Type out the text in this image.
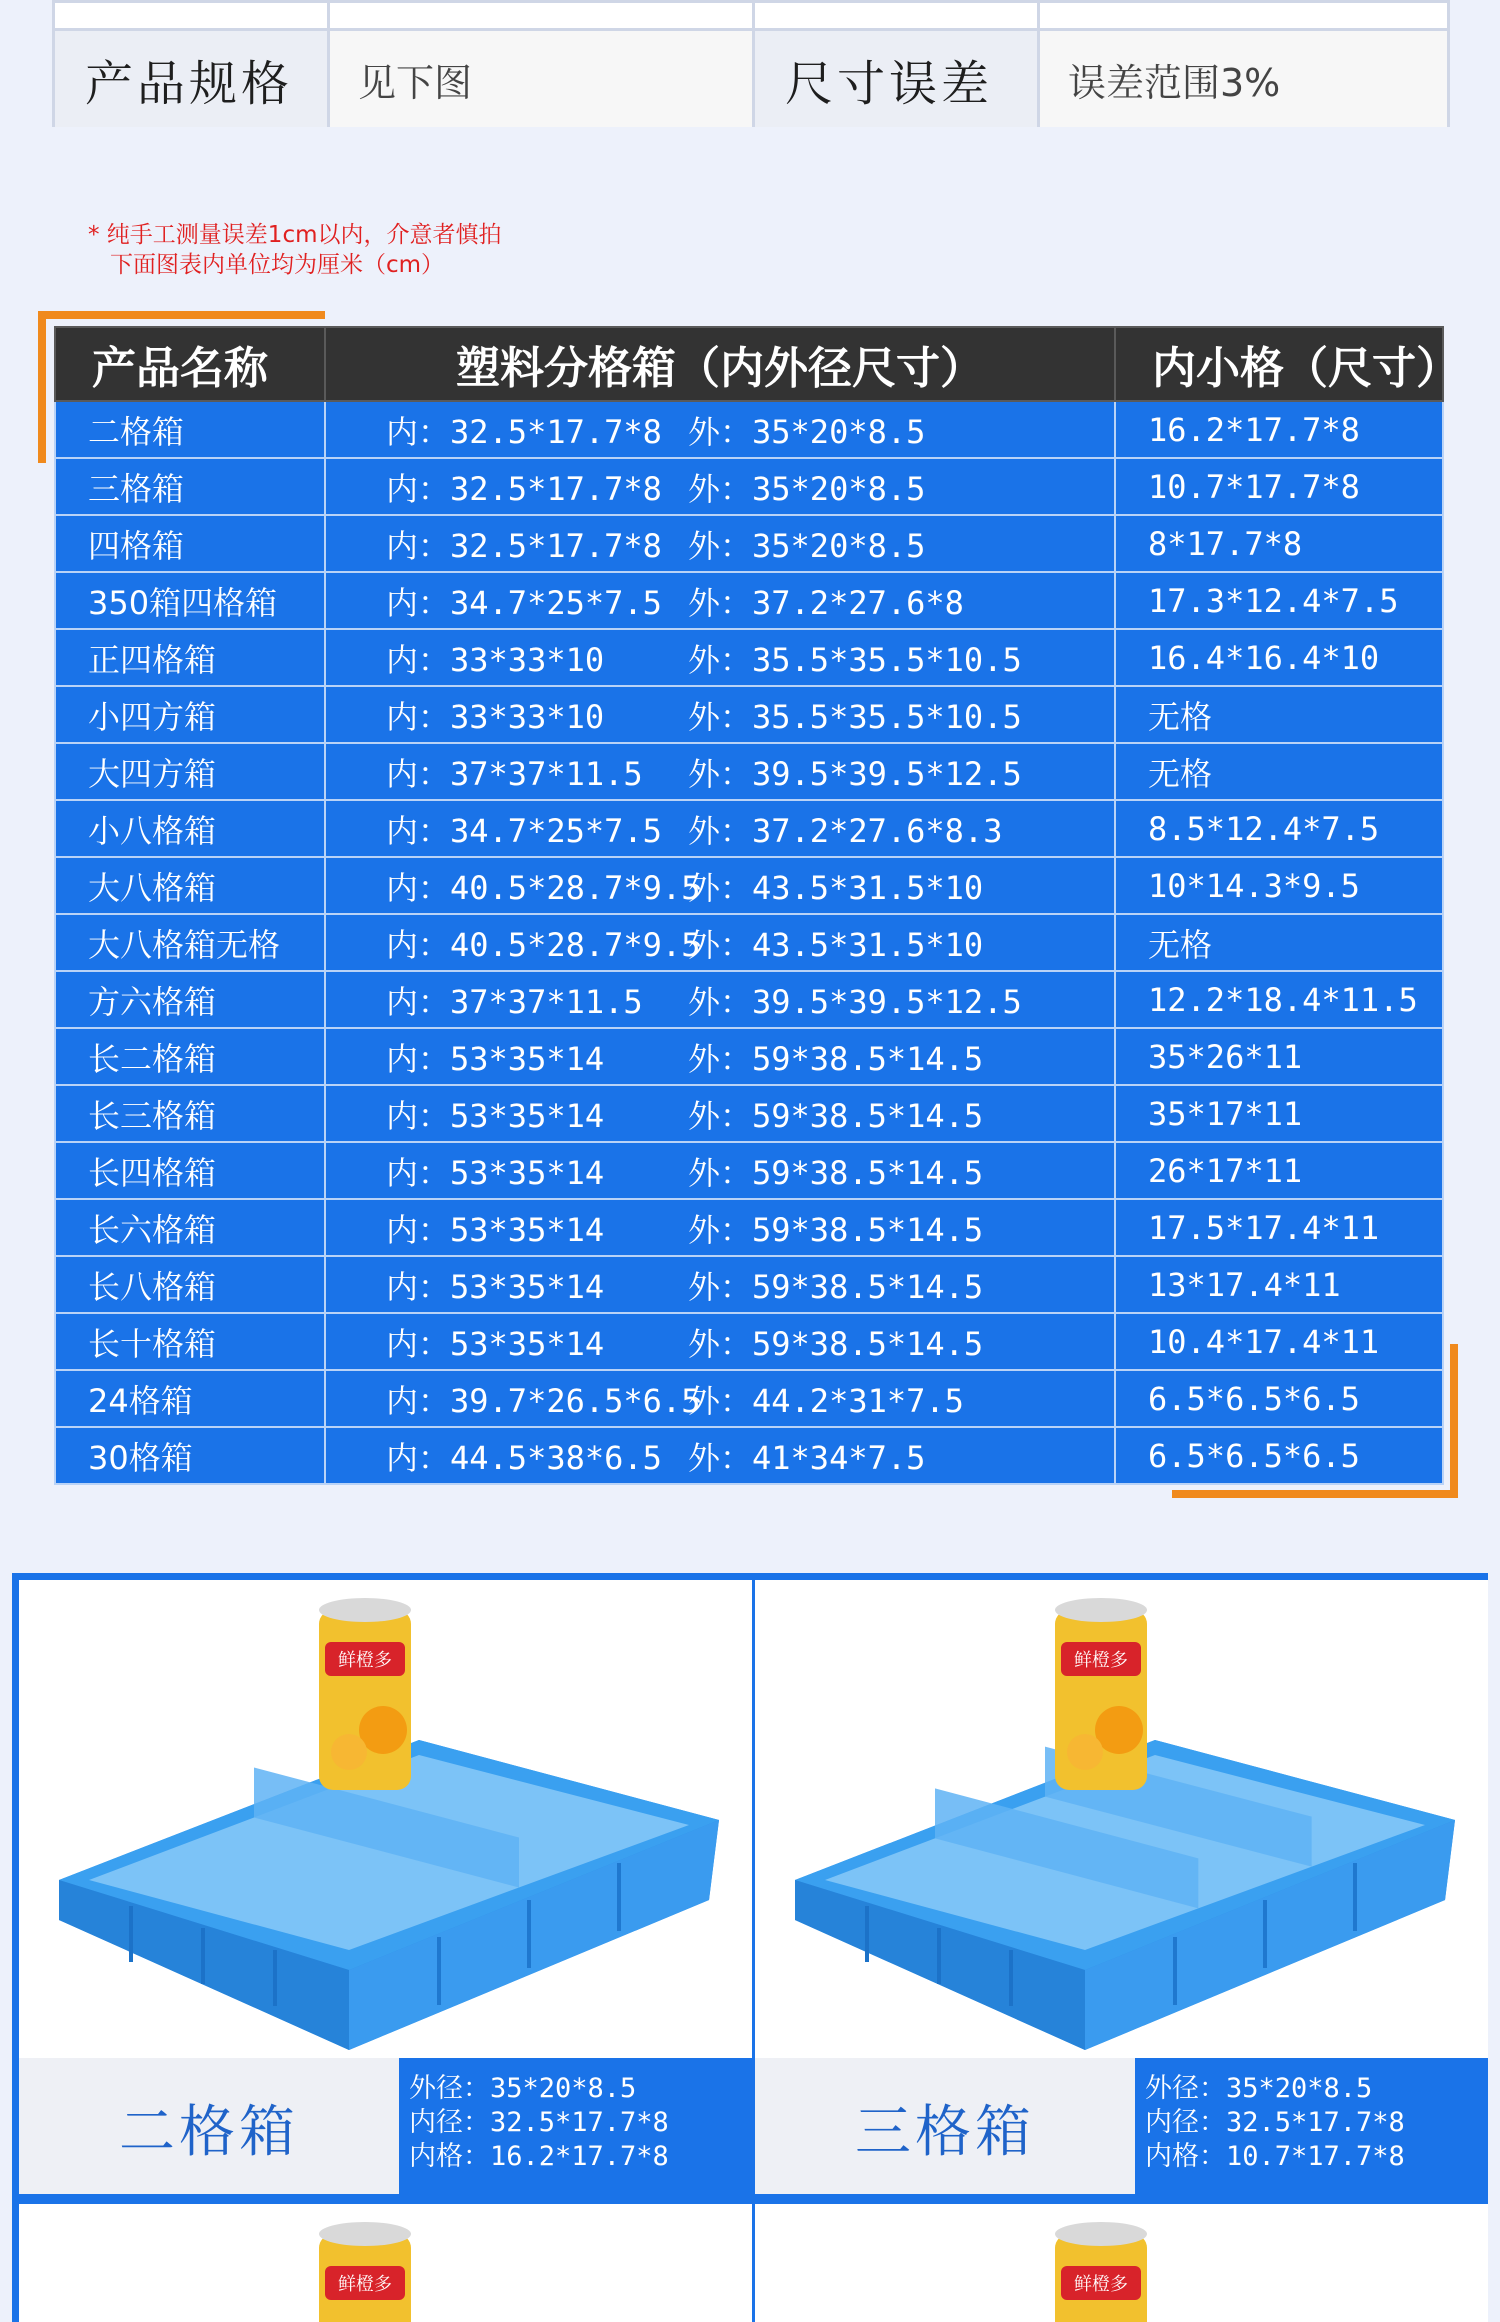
产品规格	见下图	尺寸误差	误差范围3%
* 纯手工测量误差1cm以内，介意者慎拍
下面图表内单位均为厘米（cm）
产品名称	塑料分格箱（内外径尺寸）	内小格（尺寸）
二格箱	内：32.5*17.7*8 外：35*20*8.5	16.2*17.7*8
三格箱	内：32.5*17.7*8 外：35*20*8.5	10.7*17.7*8
四格箱	内：32.5*17.7*8 外：35*20*8.5	8*17.7*8
350箱四格箱	内：34.7*25*7.5 外：37.2*27.6*8	17.3*12.4*7.5
正四格箱	内：33*33*10 外：35.5*35.5*10.5	16.4*16.4*10
小四方箱	内：33*33*10 外：35.5*35.5*10.5	无格
大四方箱	内：37*37*11.5 外：39.5*39.5*12.5	无格
小八格箱	内：34.7*25*7.5 外：37.2*27.6*8.3	8.5*12.4*7.5
大八格箱	内：40.5*28.7*9.5外：43.5*31.5*10	10*14.3*9.5
大八格箱无格	内：40.5*28.7*9.5外：43.5*31.5*10	无格
方六格箱	内：37*37*11.5 外：39.5*39.5*12.5	12.2*18.4*11.5
长二格箱	内：53*35*14 外：59*38.5*14.5	35*26*11
长三格箱	内：53*35*14 外：59*38.5*14.5	35*17*11
长四格箱	内：53*35*14 外：59*38.5*14.5	26*17*11
长六格箱	内：53*35*14 外：59*38.5*14.5	17.5*17.4*11
长八格箱	内：53*35*14 外：59*38.5*14.5	13*17.4*11
长十格箱	内：53*35*14 外：59*38.5*14.5	10.4*17.4*11
24格箱	内：39.7*26.5*6.5外：44.2*31*7.5	6.5*6.5*6.5
30格箱	内：44.5*38*6.5 外：41*34*7.5	6.5*6.5*6.5
鲜橙多
二格箱
外径：35*20*8.5
内径：32.5*17.7*8
内格：16.2*17.7*8
鲜橙多
三格箱
外径：35*20*8.5
内径：32.5*17.7*8
内格：10.7*17.7*8
鲜橙多	鲜橙多
